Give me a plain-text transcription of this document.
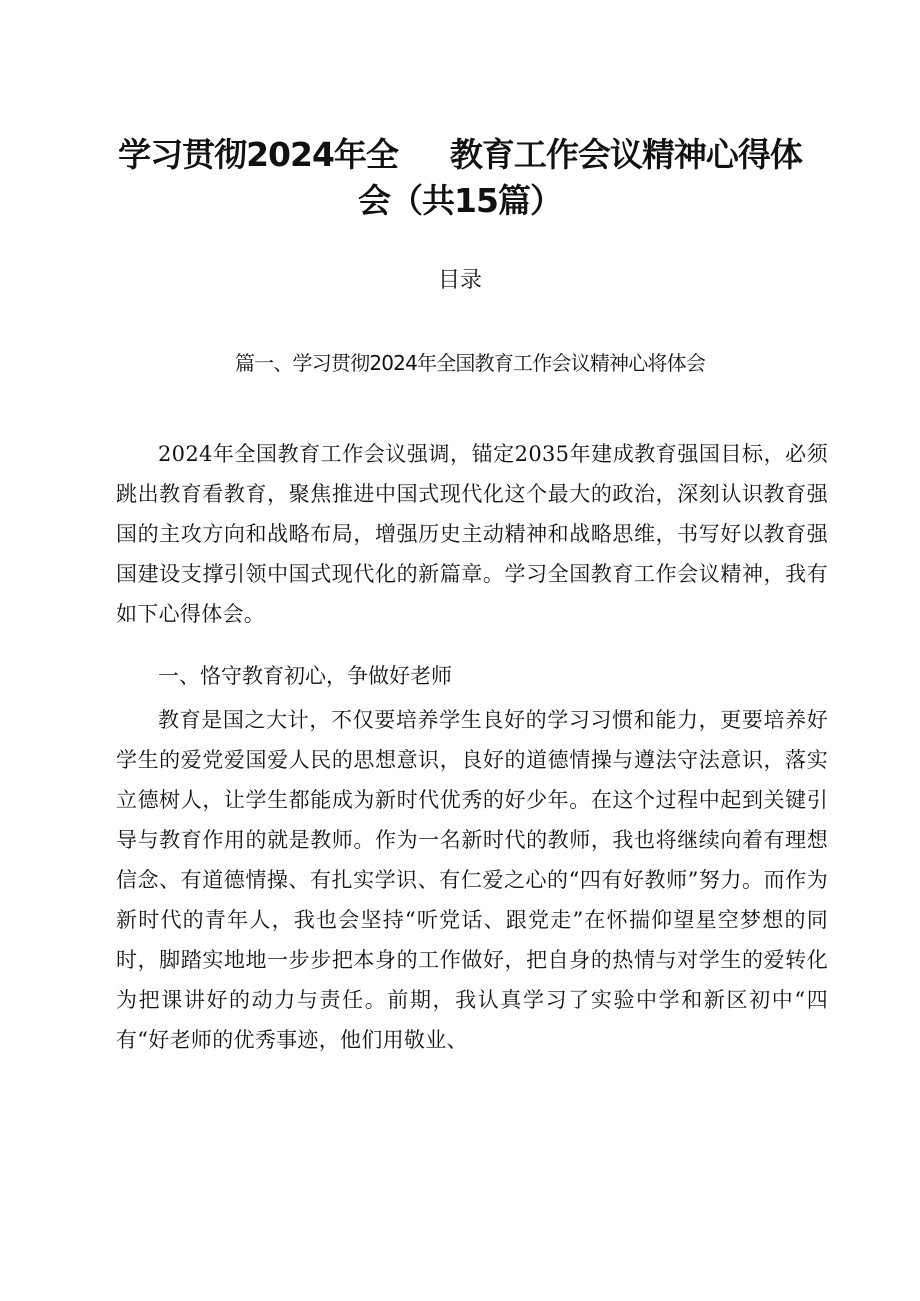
学习贯彻2024年全 教育工作会议精神心得体
会（共15篇）

目录

篇一、学习贯彻2024年全国教育工作会议精神心将体会

2024年全国教育工作会议强调，锚定2035年建成教育强国目标，必须跳出教育看教育，聚焦推进中国式现代化这个最大的政治，深刻认识教育强国的主攻方向和战略布局，增强历史主动精神和战略思维，书写好以教育强国建设支撑引领中国式现代化的新篇章。学习全国教育工作会议精神，我有如下心得体会。

一、恪守教育初心，争做好老师

教育是国之大计，不仅要培养学生良好的学习习惯和能力，更要培养好学生的爱党爱国爱人民的思想意识，良好的道德情操与遵法守法意识，落实立德树人，让学生都能成为新时代优秀的好少年。在这个过程中起到关键引导与教育作用的就是教师。作为一名新时代的教师，我也将继续向着有理想信念、有道德情操、有扎实学识、有仁爱之心的“四有好教师”努力。而作为新时代的青年人，我也会坚持“听党话、跟党走”在怀揣仰望星空梦想的同时，脚踏实地地一步步把本身的工作做好，把自身的热情与对学生的爱转化为把课讲好的动力与责任。前期，我认真学习了实验中学和新区初中“四有“好老师的优秀事迹，他们用敬业、
